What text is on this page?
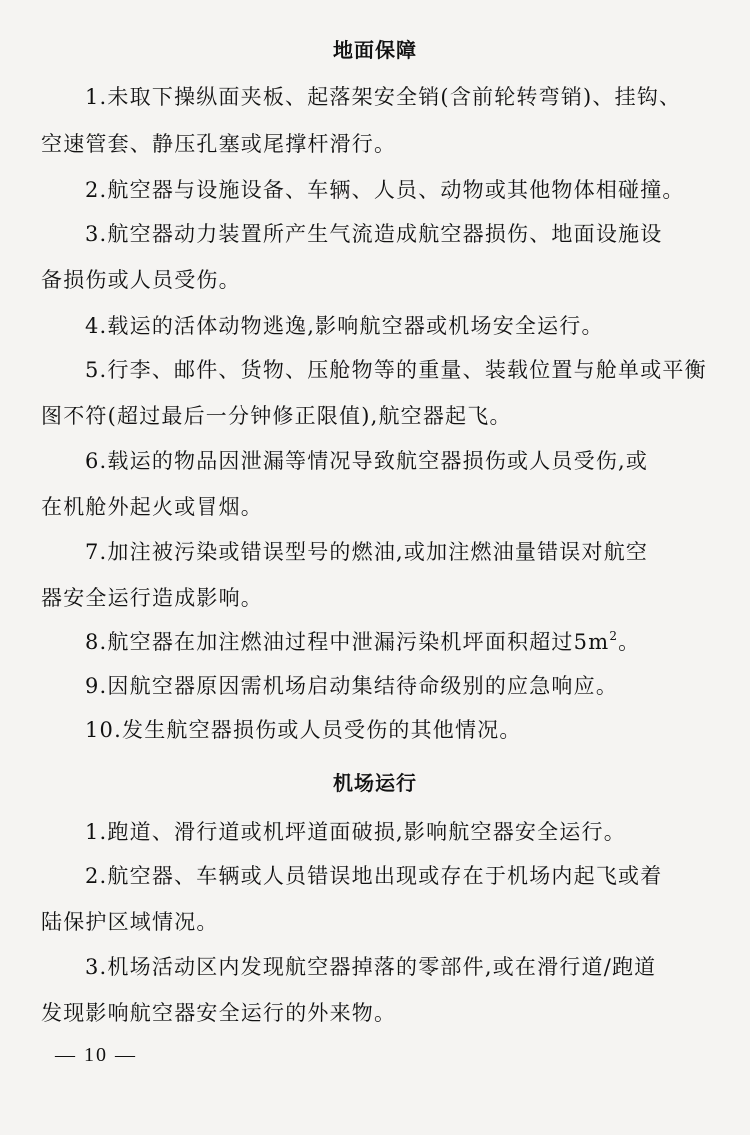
地面保障
1.未取下操纵面夹板、起落架安全销(含前轮转弯销)、挂钩、
空速管套、静压孔塞或尾撑杆滑行。
2.航空器与设施设备、车辆、人员、动物或其他物体相碰撞。
3.航空器动力装置所产生气流造成航空器损伤、地面设施设
备损伤或人员受伤。
4.载运的活体动物逃逸,影响航空器或机场安全运行。
5.行李、邮件、货物、压舱物等的重量、装载位置与舱单或平衡
图不符(超过最后一分钟修正限值),航空器起飞。
6.载运的物品因泄漏等情况导致航空器损伤或人员受伤,或
在机舱外起火或冒烟。
7.加注被污染或错误型号的燃油,或加注燃油量错误对航空
器安全运行造成影响。
8.航空器在加注燃油过程中泄漏污染机坪面积超过$5m^2$。
9.因航空器原因需机场启动集结待命级别的应急响应。
10.发生航空器损伤或人员受伤的其他情况。
机场运行
1.跑道、滑行道或机坪道面破损,影响航空器安全运行。
2.航空器、车辆或人员错误地出现或存在于机场内起飞或着
陆保护区域情况。
3.机场活动区内发现航空器掉落的零部件,或在滑行道/跑道
发现影响航空器安全运行的外来物。
— 10 —
